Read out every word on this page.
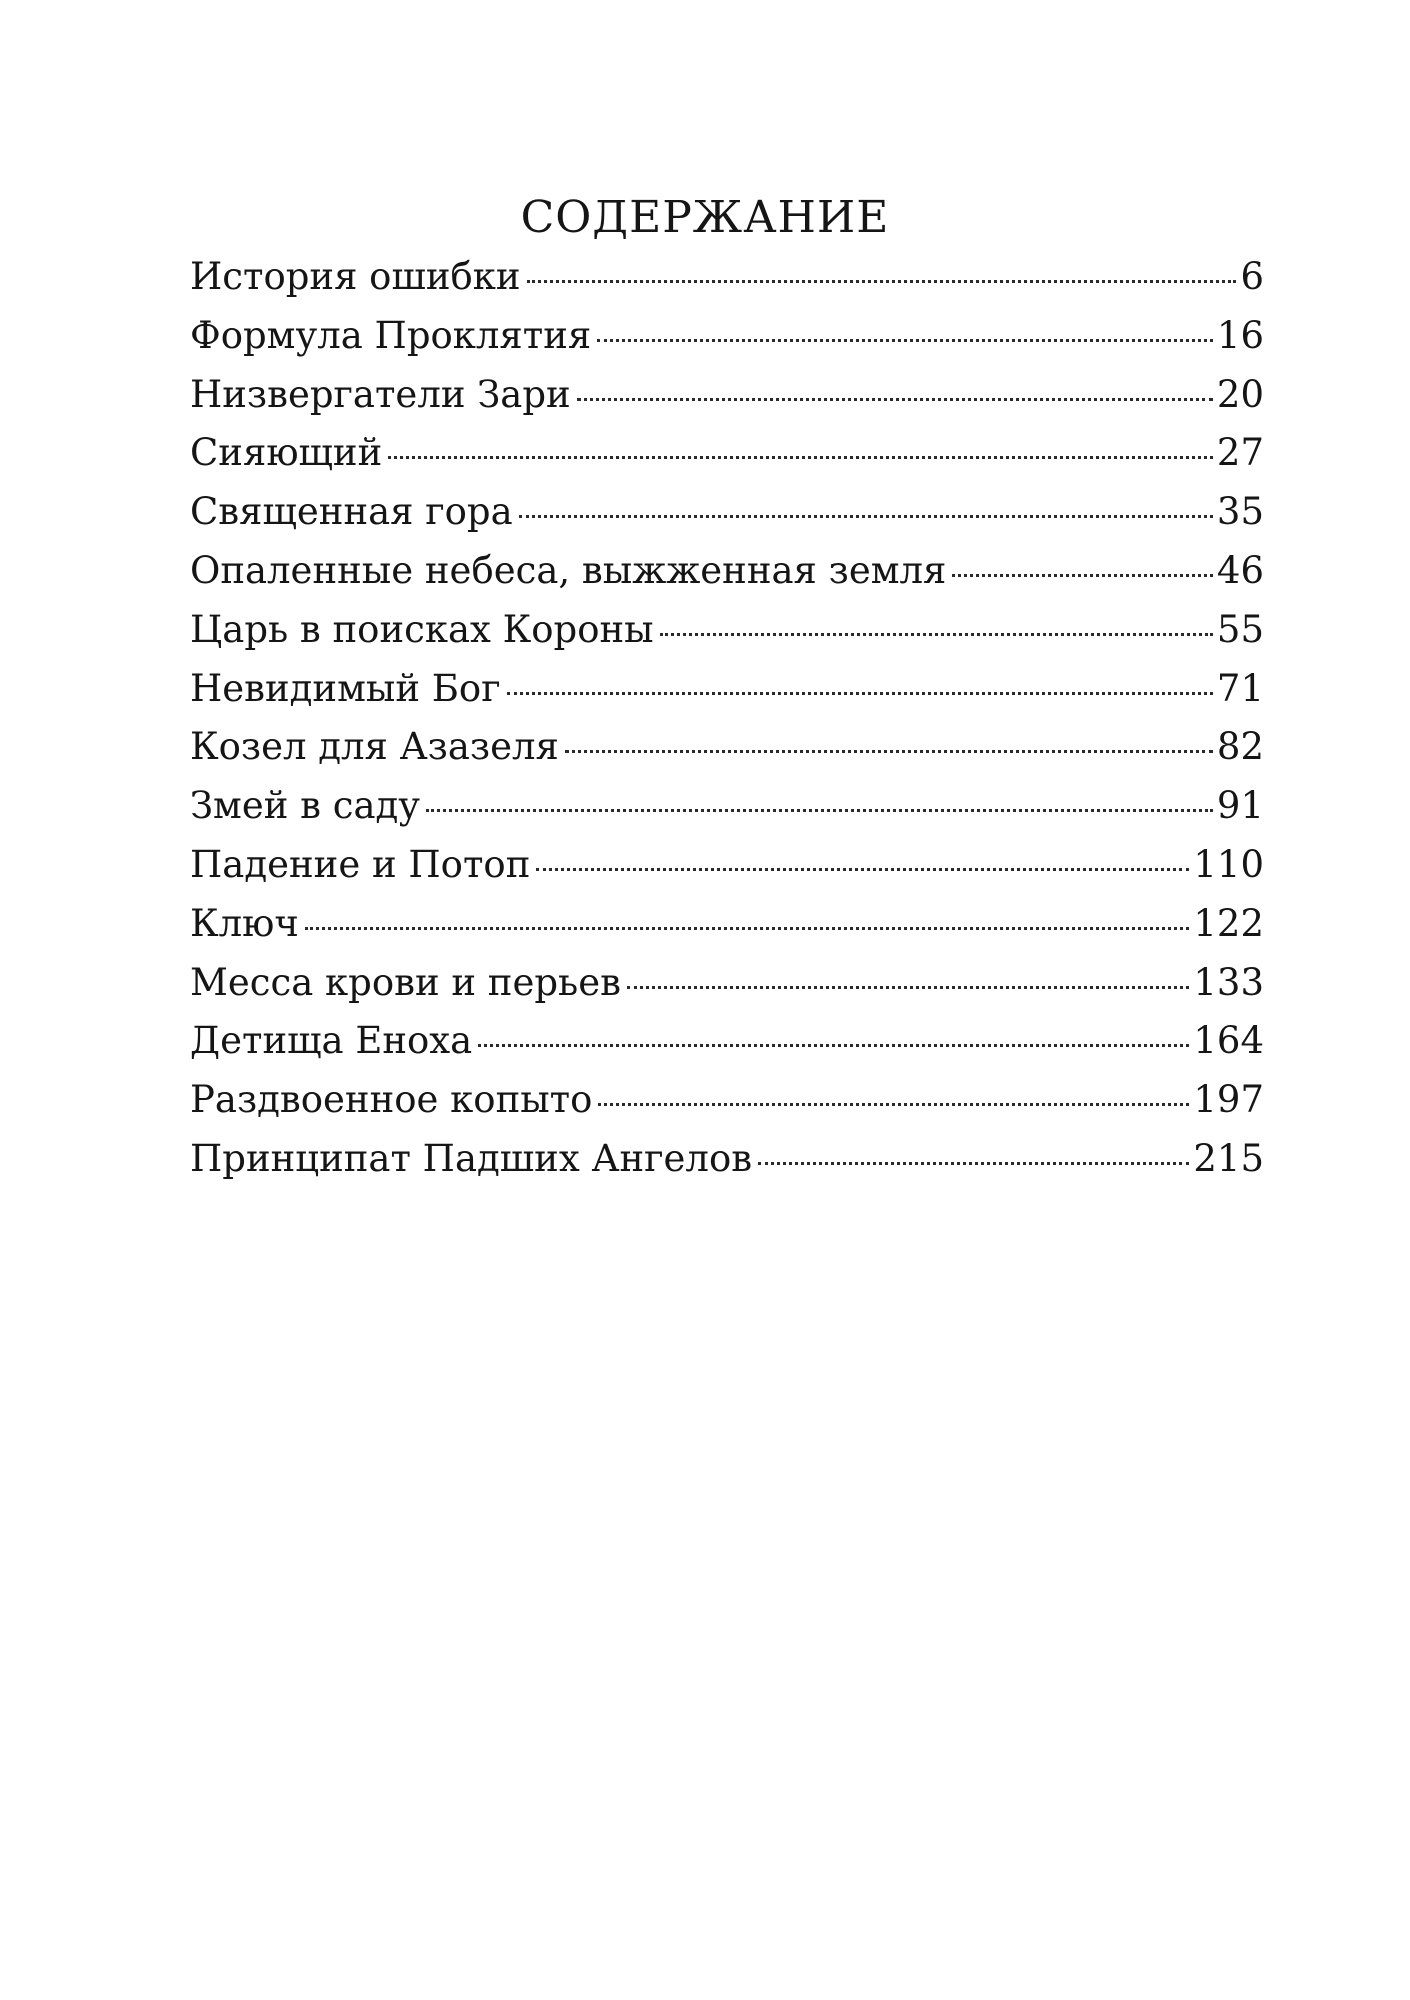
СОДЕРЖАНИЕ
История ошибки	6
Формула Проклятия	16
Низвергатели Зари	20
Сияющий	27
Священная гора	35
Опаленные небеса, выжженная земля	46
Царь в поисках Короны	55
Невидимый Бог	71
Козел для Азазеля	82
Змей в саду	91
Падение и Потоп	110
Ключ	122
Месса крови и перьев	133
Детища Еноха	164
Раздвоенное копыто	197
Принципат Падших Ангелов	215
